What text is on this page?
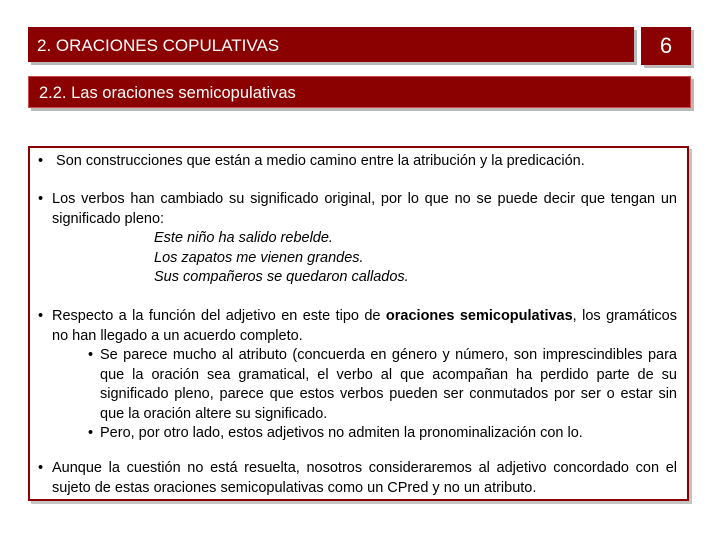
2. ORACIONES COPULATIVAS	6
2.2. Las oraciones semicopulativas
• Son construcciones que están a medio camino entre la atribución y la predicación.
• Los verbos han cambiado su significado original, por lo que no se puede decir que tengan un significado pleno:
Este niño ha salido rebelde.
Los zapatos me vienen grandes.
Sus compañeros se quedaron callados.
• Respecto a la función del adjetivo en este tipo de oraciones semicopulativas, los gramáticos no han llegado a un acuerdo completo.
• Se parece mucho al atributo (concuerda en género y número, son imprescindibles para que la oración sea gramatical, el verbo al que acompañan ha perdido parte de su significado pleno, parece que estos verbos pueden ser conmutados por ser o estar sin que la oración altere su significado.
• Pero, por otro lado, estos adjetivos no admiten la pronominalización con lo.
• Aunque la cuestión no está resuelta, nosotros consideraremos al adjetivo concordado con el sujeto de estas oraciones semicopulativas como un CPred y no un atributo.
